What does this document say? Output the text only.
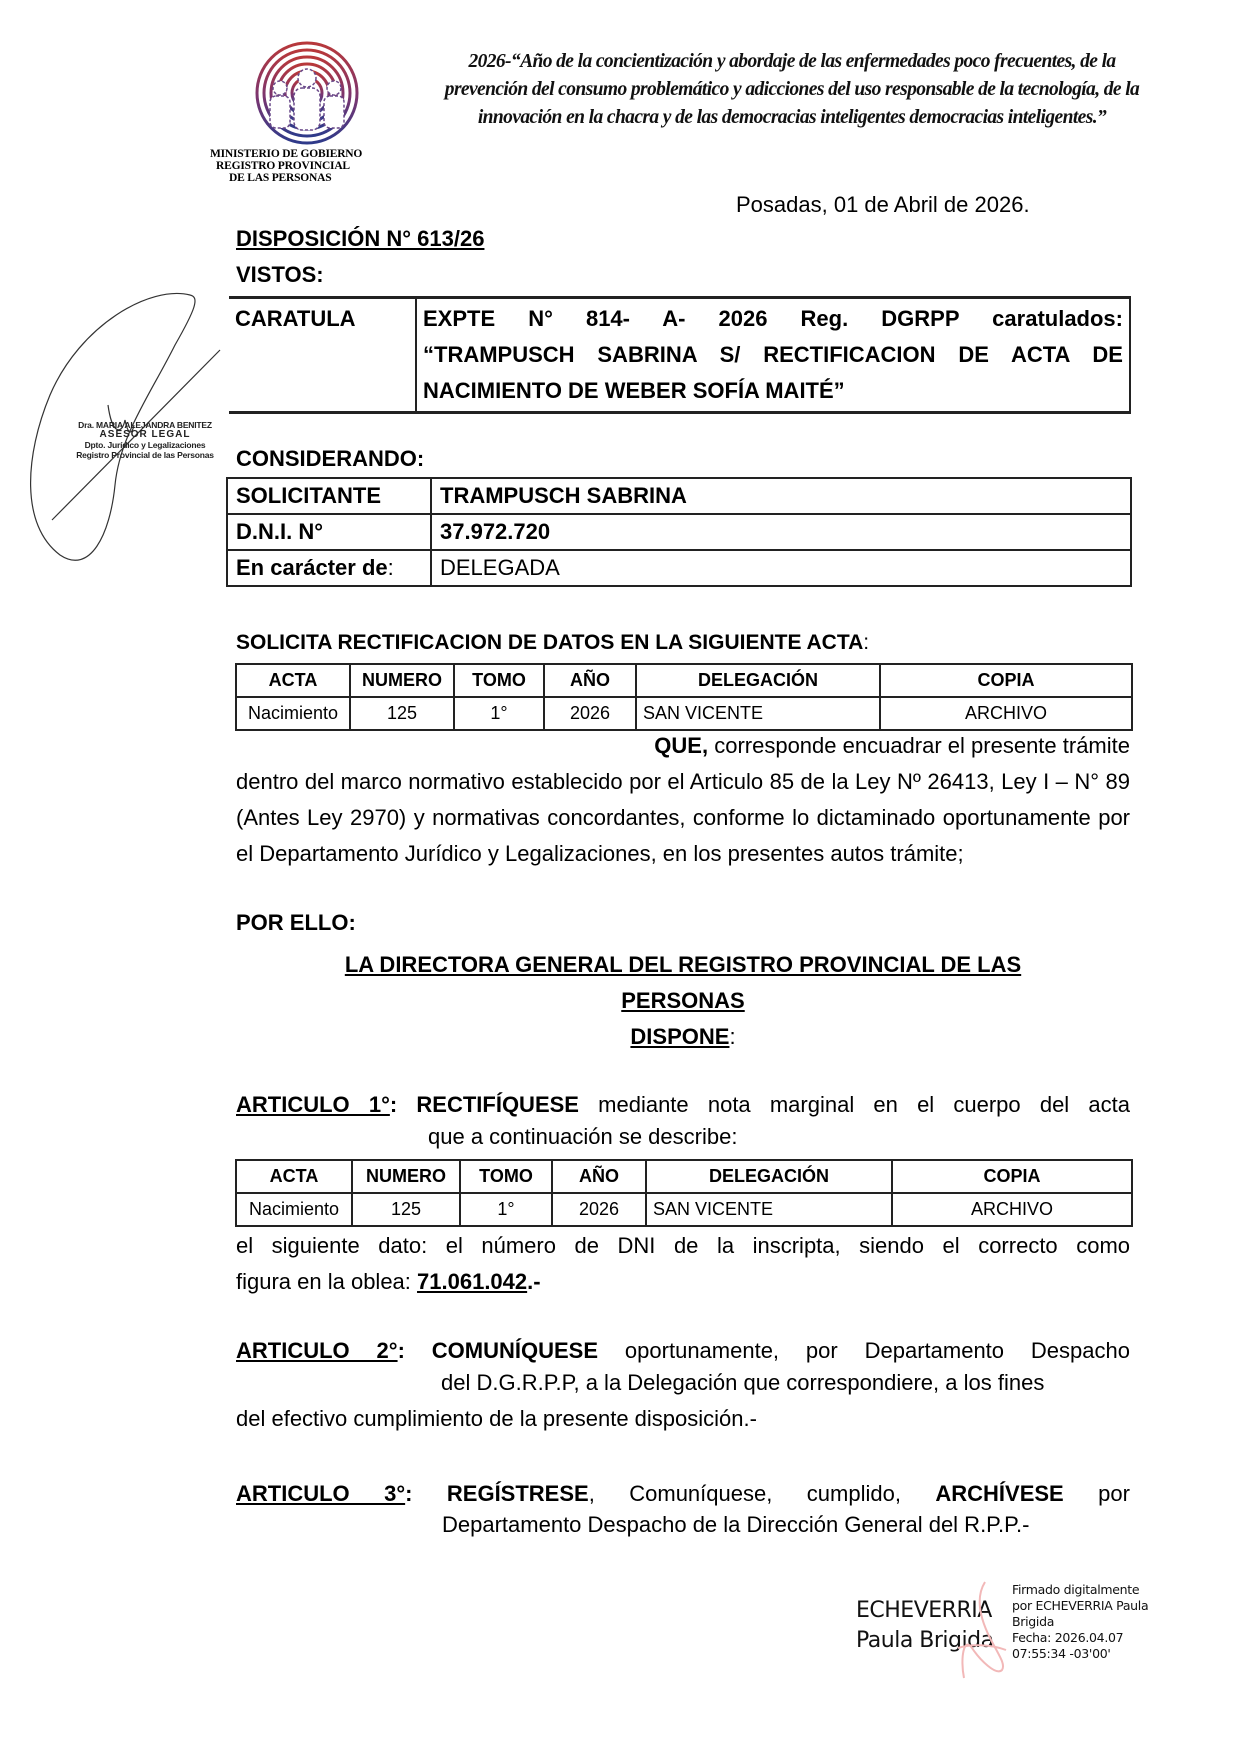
MINISTERIO DE GOBIERNO
REGISTRO PROVINCIAL
DE LAS PERSONAS
2026-“Año de la concientización y abordaje de las enfermedades poco frecuentes, de la
prevención del consumo problemático y adicciones del uso responsable de la tecnología, de la
innovación en la chacra y de las democracias inteligentes democracias inteligentes.”
Dra. MARIA ALEJANDRA BENITEZ
ASESOR LEGAL
Dpto. Jurídico y Legalizaciones
Registro Provincial de las Personas
Posadas, 01 de Abril de 2026.
DISPOSICIÓN N° 613/26
VISTOS:
CARATULA	EXPTE N° 814- A- 2026 Reg. DGRPP caratulados:
“TRAMPUSCH SABRINA S/ RECTIFICACION DE ACTA DE
NACIMIENTO DE WEBER SOFÍA MAITÉ”
CONSIDERANDO:
SOLICITANTE	TRAMPUSCH SABRINA
D.N.I. N°	37.972.720
En carácter de:	DELEGADA
SOLICITA RECTIFICACION DE DATOS EN LA SIGUIENTE ACTA:
ACTA	NUMERO	TOMO	AÑO	DELEGACIÓN	COPIA
Nacimiento	125	1°	2026	SAN VICENTE	ARCHIVO
QUE, corresponde encuadrar el presente trámite
dentro del marco normativo establecido por el Articulo 85 de la Ley Nº 26413, Ley I – N° 89 (Antes Ley 2970) y normativas concordantes, conforme lo dictaminado oportunamente por el Departamento Jurídico y Legalizaciones, en los presentes autos trámite;
POR ELLO:
LA DIRECTORA GENERAL DEL REGISTRO PROVINCIAL DE LAS
PERSONAS
DISPONE:
ARTICULO 1°: RECTIFÍQUESE mediante nota marginal en el cuerpo del acta
que a continuación se describe:
ACTA	NUMERO	TOMO	AÑO	DELEGACIÓN	COPIA
Nacimiento	125	1°	2026	SAN VICENTE	ARCHIVO
el siguiente dato: el número de DNI de la inscripta, siendo el correcto como
figura en la oblea: 71.061.042.-
ARTICULO 2°: COMUNÍQUESE oportunamente, por Departamento Despacho
del D.G.R.P.P, a la Delegación que correspondiere, a los fines
del efectivo cumplimiento de la presente disposición.-
ARTICULO 3°: REGÍSTRESE, Comuníquese, cumplido, ARCHÍVESE por
Departamento Despacho de la Dirección General del R.P.P.-
ECHEVERRIA
Paula Brigida
Firmado digitalmente
por ECHEVERRIA Paula
Brigida
Fecha: 2026.04.07
07:55:34 -03'00'
